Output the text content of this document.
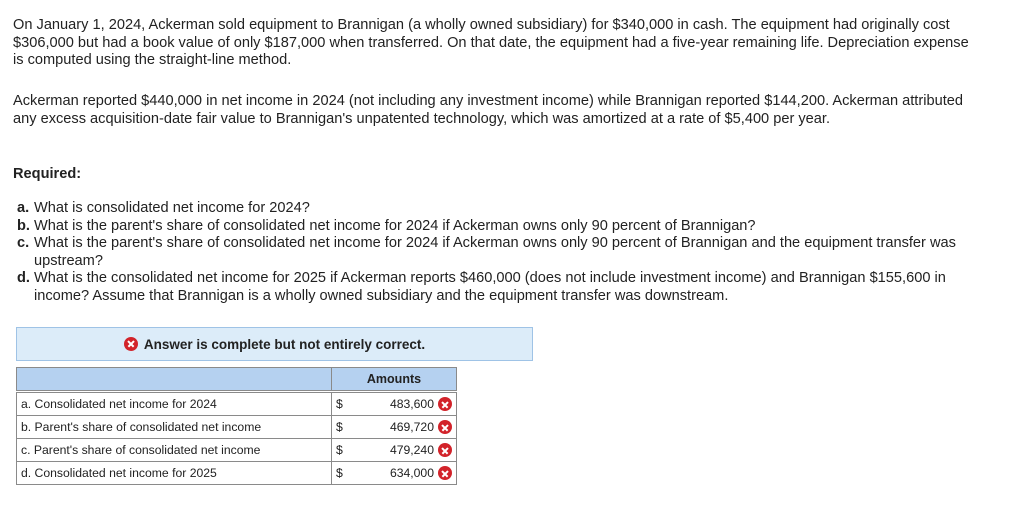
On January 1, 2024, Ackerman sold equipment to Brannigan (a wholly owned subsidiary) for $340,000 in cash. The equipment had originally cost $306,000 but had a book value of only $187,000 when transferred. On that date, the equipment had a five-year remaining life. Depreciation expense is computed using the straight-line method.

Ackerman reported $440,000 in net income in 2024 (not including any investment income) while Brannigan reported $144,200. Ackerman attributed any excess acquisition-date fair value to Brannigan's unpatented technology, which was amortized at a rate of $5,400 per year.

Required:

a. What is consolidated net income for 2024?
b. What is the parent's share of consolidated net income for 2024 if Ackerman owns only 90 percent of Brannigan?
c. What is the parent's share of consolidated net income for 2024 if Ackerman owns only 90 percent of Brannigan and the equipment transfer was upstream?
d. What is the consolidated net income for 2025 if Ackerman reports $460,000 (does not include investment income) and Brannigan $155,600 in income? Assume that Brannigan is a wholly owned subsidiary and the equipment transfer was downstream.
Answer is complete but not entirely correct.
	Amounts	

a. Consolidated net income for 2024	$	483,600
b. Parent's share of consolidated net income	$	469,720
c. Parent's share of consolidated net income	$	479,240
d. Consolidated net income for 2025	$	634,000
